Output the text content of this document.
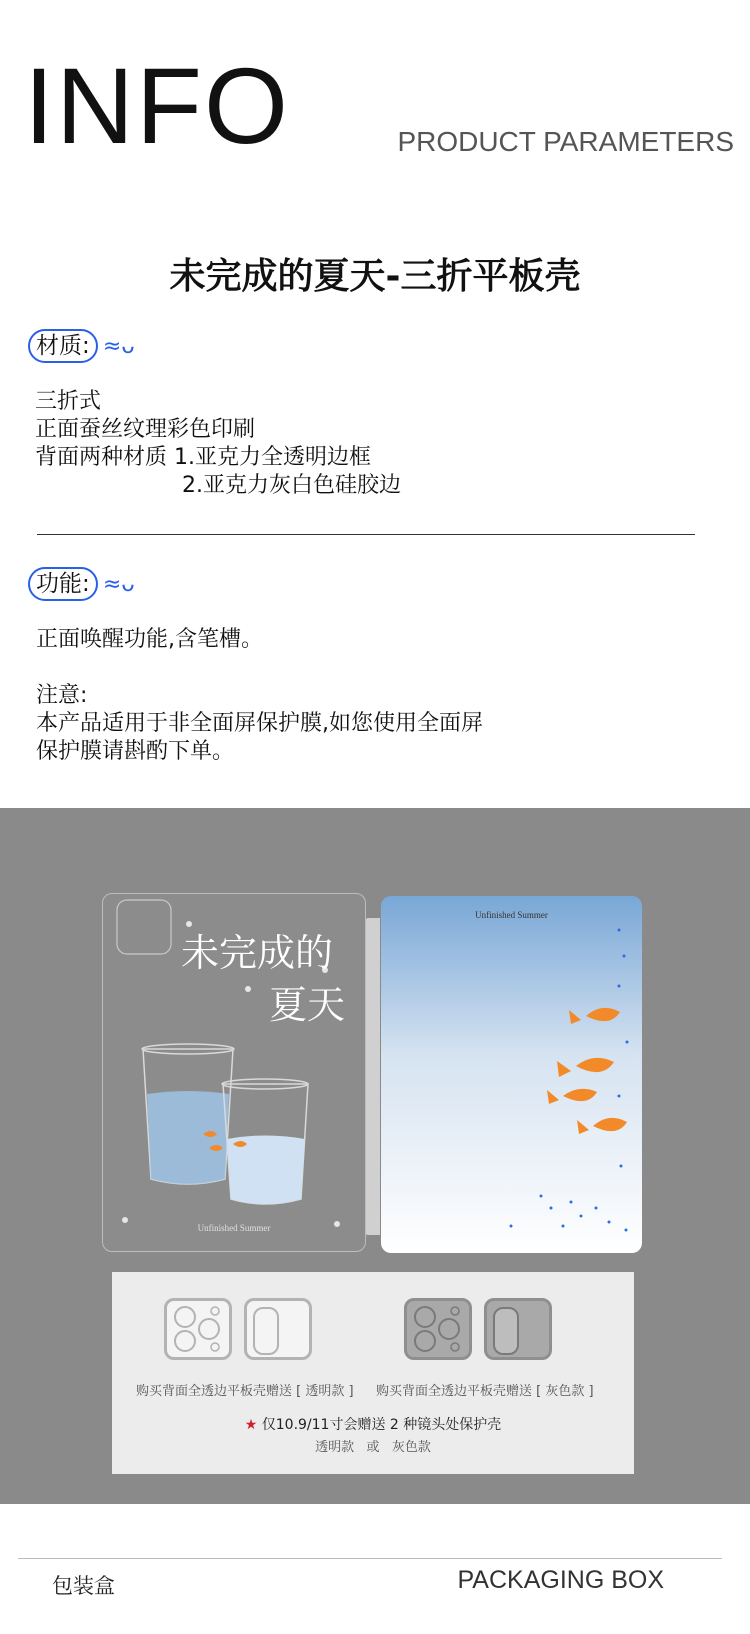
INFO	PRODUCT PARAMETERS
未完成的夏天-三折平板壳
材质: ≈ᴗ
三折式
正面蚕丝纹理彩色印刷
背面两种材质 1.亚克力全透明边框
2.亚克力灰白色硅胶边
功能: ≈ᴗ
正面唤醒功能,含笔槽。
注意:
本产品适用于非全面屏保护膜,如您使用全面屏
保护膜请斟酌下单。
未完成的
夏天
Unfinished Summer
Unfinished Summer
购买背面全透边平板壳赠送 [ 透明款 ] 购买背面全透边平板壳赠送 [ 灰色款 ]
★ 仅10.9/11寸会赠送 2 种镜头处保护壳
透明款   或   灰色款
包装盒	PACKAGING BOX
